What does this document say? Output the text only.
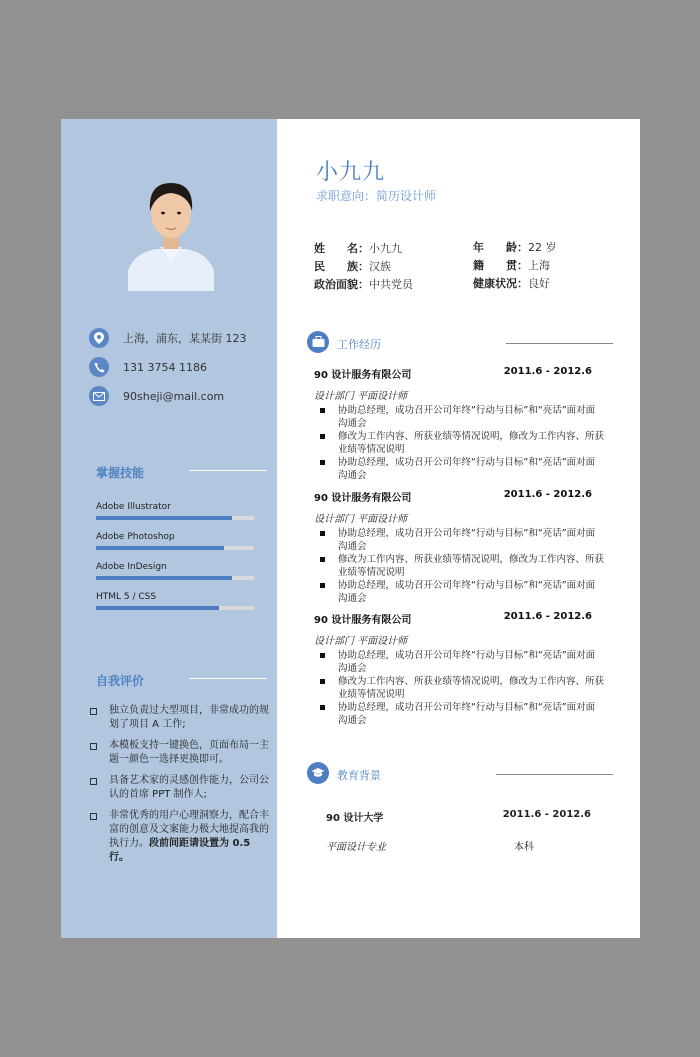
上海，浦东，某某街 123
131 3754 1186
90sheji@mail.com
掌握技能
Adobe Illustrator
Adobe Photoshop
Adobe InDesign
HTML 5 / CSS
自我评价
独立负责过大型项目，非常成功的规划了项目 A 工作;
本模板支持一键换色，页面布局一主题一颜色一选择更换即可。
具备艺术家的灵感创作能力，公司公认的首席 PPT 制作人;
非常优秀的用户心理洞察力，配合丰富的创意及文案能力极大地提高我的执行力。段前间距请设置为 0.5 行。
小九九
求职意向：简历设计师
姓　　名：小九九
民　　族：汉族
政治面貌：中共党员
年　　龄：22 岁
籍　　贯：上海
健康状况：良好
工作经历
90 设计服务有限公司	2011.6 - 2012.6
设计部门 平面设计师
协助总经理，成功召开公司年终“行动与目标”和“亮话”面对面沟通会
修改为工作内容、所获业绩等情况说明，修改为工作内容、所获业绩等情况说明
协助总经理，成功召开公司年终“行动与目标”和“亮话”面对面沟通会
90 设计服务有限公司	2011.6 - 2012.6
设计部门 平面设计师
协助总经理，成功召开公司年终“行动与目标”和“亮话”面对面沟通会
修改为工作内容、所获业绩等情况说明，修改为工作内容、所获业绩等情况说明
协助总经理，成功召开公司年终“行动与目标”和“亮话”面对面沟通会
90 设计服务有限公司	2011.6 - 2012.6
设计部门 平面设计师
协助总经理，成功召开公司年终“行动与目标”和“亮话”面对面沟通会
修改为工作内容、所获业绩等情况说明，修改为工作内容、所获业绩等情况说明
协助总经理，成功召开公司年终“行动与目标”和“亮话”面对面沟通会
教育背景
90 设计大学	2011.6 - 2012.6
平面设计专业	本科
